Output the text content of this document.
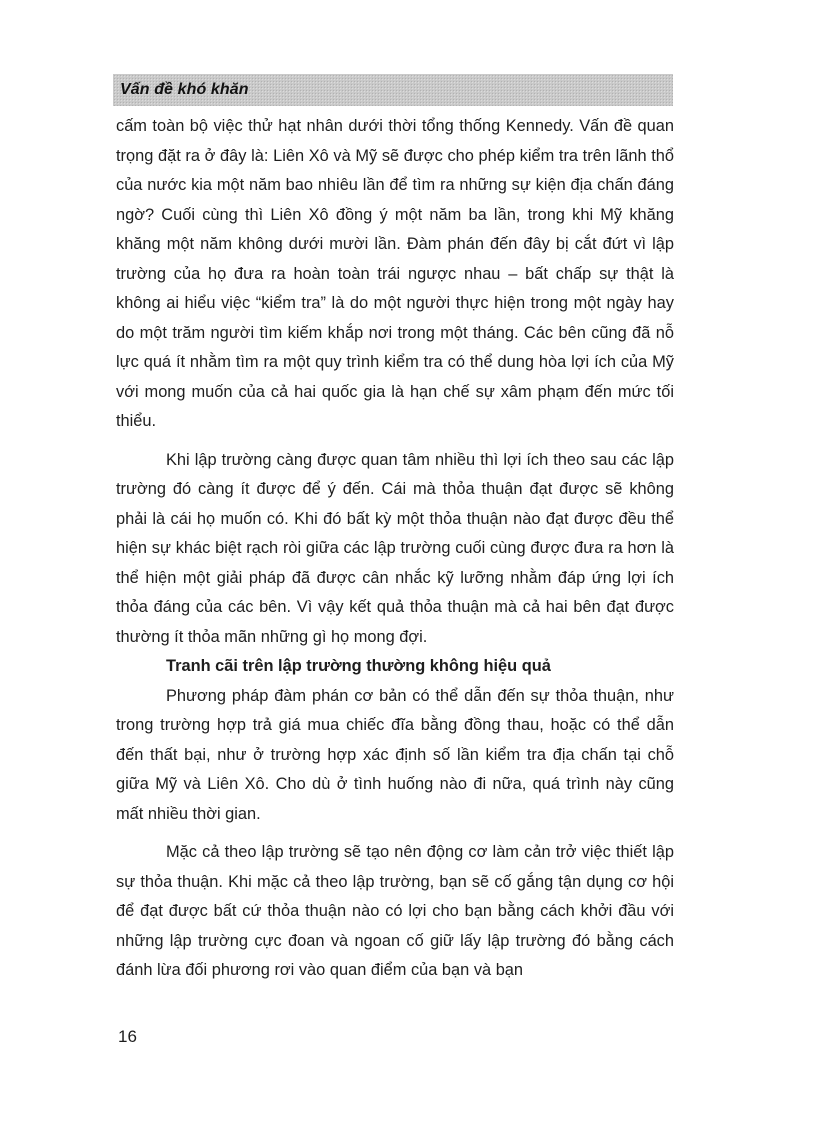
Vấn đề khó khăn

cấm toàn bộ việc thử hạt nhân dưới thời tổng thống Kennedy. Vấn đề quan trọng đặt ra ở đây là: Liên Xô và Mỹ sẽ được cho phép kiểm tra trên lãnh thổ của nước kia một năm bao nhiêu lần để tìm ra những sự kiện địa chấn đáng ngờ? Cuối cùng thì Liên Xô đồng ý một năm ba lần, trong khi Mỹ khăng khăng một năm không dưới mười lần. Đàm phán đến đây bị cắt đứt vì lập trường của họ đưa ra hoàn toàn trái ngược nhau – bất chấp sự thật là không ai hiểu việc “kiểm tra” là do một người thực hiện trong một ngày hay do một trăm người tìm kiếm khắp nơi trong một tháng. Các bên cũng đã nỗ lực quá ít nhằm tìm ra một quy trình kiểm tra có thể dung hòa lợi ích của Mỹ với mong muốn của cả hai quốc gia là hạn chế sự xâm phạm đến mức tối thiểu.

Khi lập trường càng được quan tâm nhiều thì lợi ích theo sau các lập trường đó càng ít được để ý đến. Cái mà thỏa thuận đạt được sẽ không phải là cái họ muốn có. Khi đó bất kỳ một thỏa thuận nào đạt được đều thể hiện sự khác biệt rạch ròi giữa các lập trường cuối cùng được đưa ra hơn là thể hiện một giải pháp đã được cân nhắc kỹ lưỡng nhằm đáp ứng lợi ích thỏa đáng của các bên. Vì vậy kết quả thỏa thuận mà cả hai bên đạt được thường ít thỏa mãn những gì họ mong đợi.

Tranh cãi trên lập trường thường không hiệu quả

Phương pháp đàm phán cơ bản có thể dẫn đến sự thỏa thuận, như trong trường hợp trả giá mua chiếc đĩa bằng đồng thau, hoặc có thể dẫn đến thất bại, như ở trường hợp xác định số lần kiểm tra địa chấn tại chỗ giữa Mỹ và Liên Xô. Cho dù ở tình huống nào đi nữa, quá trình này cũng mất nhiều thời gian.

Mặc cả theo lập trường sẽ tạo nên động cơ làm cản trở việc thiết lập sự thỏa thuận. Khi mặc cả theo lập trường, bạn sẽ cố gắng tận dụng cơ hội để đạt được bất cứ thỏa thuận nào có lợi cho bạn bằng cách khởi đầu với những lập trường cực đoan và ngoan cố giữ lấy lập trường đó bằng cách đánh lừa đối phương rơi vào quan điểm của bạn và bạn

16
